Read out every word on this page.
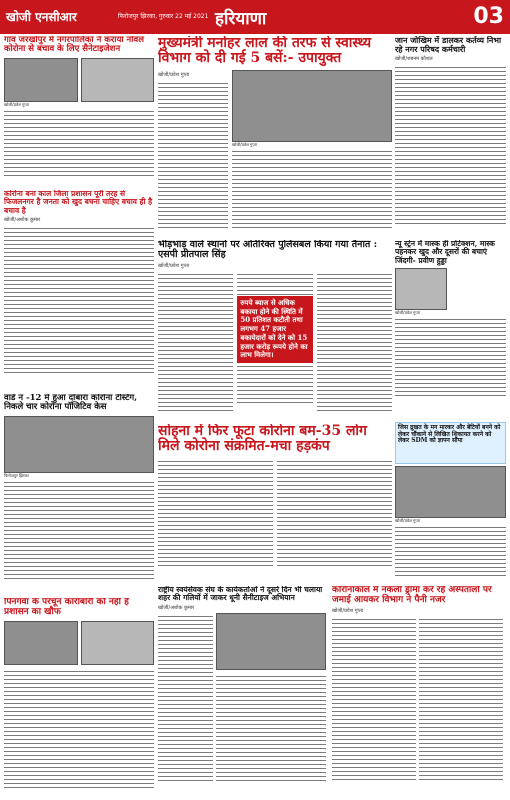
खोजी एनसीआर	फिरोजपुर झिरका, गुरुवार 22 मई 2021 हरियाणा	03
गांव जरखोपुर में नगरपालिका ने कराया नोवल कोरोना से बचाव के लिए सैनेटाइजेशन
खोजी/प्रवेश गुप्ता
कोरोना बना काल जिला प्रशासन पूरी तरह से फिजलनगर है जनता को खुद बचना चाहिए बचाव ही है बचाव है
खोजी/अशोक कुमार
वार्ड नं -12 में हुआ दोबारा कोरोना टेस्टिंग, निकले चार कोरोना पॉजिटिव केस
फिरोजपुर झिरका
पिनगवां के परचून कारोबारी को नहीं है प्रशासन का खौफ
मुख्यमंत्री मनोहर लाल की तरफ से स्वास्थ्य विभाग को दी गई 5 बसें:- उपायुक्त
खोजी/प्रवेश गुप्ता
खोजी/प्रवेश गुप्ता
जान जोखिम में डालकर कर्तव्य निभा रहे नगर परिषद कर्मचारी
खोजी/शबनम कौशल
भीड़भाड़ वाले स्थानों पर अतिरिक्त पुलिसबल किया गया तैनात : एसपी प्रीतपाल सिंह
खोजी/प्रवेश गुप्ता
रुपये ब्याज से अधिक बकाया होने की स्थिति में 50 प्रतिशत कटौती तथा लगभग 47 हजार बकायेदारों को देने को 15 हजार करोड़ रूपये होने का लाभ मिलेगा।
न्यू स्ट्रेन में मास्क ही प्रोटेक्शन, मास्क पहनकर खुद और दूसरों की बचाएं जिंदगी- प्रवीण हुड्डा
खोजी/प्रवेश गुप्ता
जिस द्रुखत के मन मारकर और बेटियों बनने को लेकर चौंकाने से लिखित शिकायत करने को लेकर SDM को ज्ञापन सौंपा
सोहना में फिर फूटा कोरोना बम-35 लोग मिले कोरोना संक्रमित-मचा हड़कंप
खोजी/प्रवेश गुप्ता
राष्ट्रीय स्वयंसेवक संघ के कार्यकर्ताओं ने दूसरे दिन भी चलाया शहर की गलियों में जाकर धूनी सैनीटाइज अभियान
खोजी/अशोक कुमार
कोरोनाकाल में नकली ड्रामा कर रहे अस्पतालों पर जमाई आयकर विभाग ने पैनी नजर
खोजी/प्रवेश गुप्ता
